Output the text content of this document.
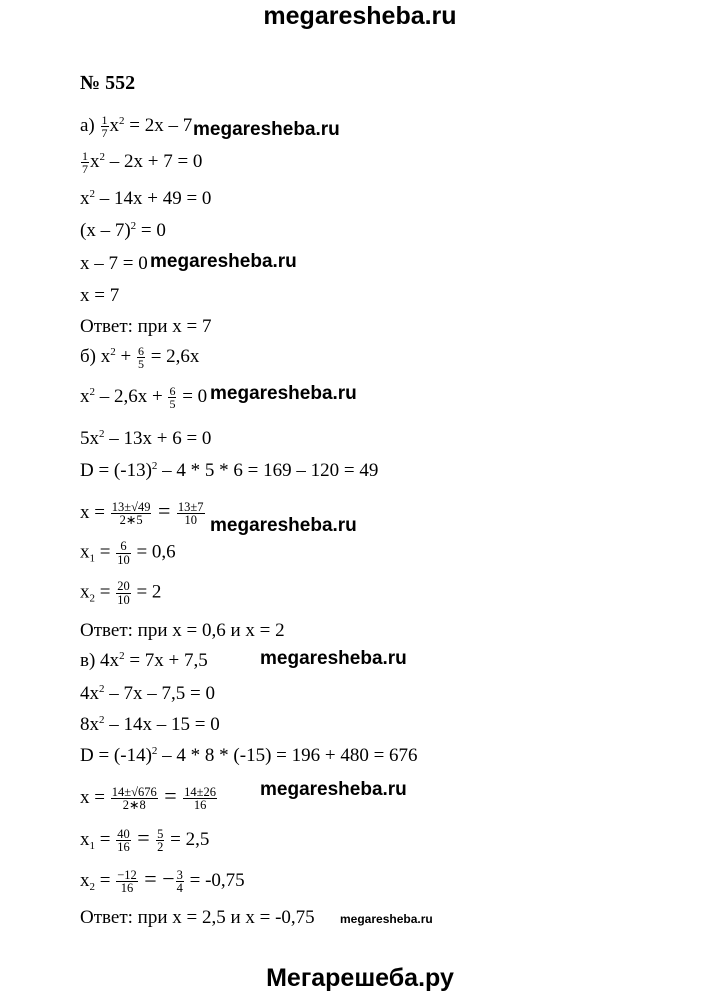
megaresheba.ru
№ 552
$а) \frac{1}{7} x^2 = 2x - 7$ megaresheba.ru
$\frac{1}{7} x^2 - 2x + 7 = 0$
$x^2 - 14x + 49 = 0$
(x – 7)$^2$ = 0
x – 7 = 0 megaresheba.ru
x = 7
Ответ: при x = 7
б) $x^2 + \frac{6}{5} = 2,6x$
$x^2 - 2,6x + \frac{6}{5} = 0$ megaresheba.ru
$5x^2 - 13x + 6 = 0$
$D = (-13)^2 - 4 * 5 * 6 = 169 - 120 = 49$
$x = \frac{13\pm√49}{2∗5} = \frac{13\pm 7}{10}$ megaresheba.ru
$x_1 = \frac{6}{10} = 0,6$
$x_2 = \frac{20}{10} = 2$
Ответ: при x = 0,6 и x = 2
в) $4x^2 = 7x + 7,5$	megaresheba.ru
$4x^2 - 7x - 7,5 = 0$
$8x^2 - 14x - 15 = 0$
$D = (-14)^2 - 4 * 8 * (-15) = 196 + 480 = 676$
$x = \frac{14\pm√676}{2∗8} = \frac{14\pm 26}{16}$ megaresheba.ru
$x_1 = \frac{40}{16} = \frac{5}{2} = 2,5$
$x_2 = \frac{-12}{16}$ = − $\frac{3}{4} = -0,75$
Ответ: при x = 2,5 и x = -0,75 megaresheba.ru
Мегарешеба.ру
